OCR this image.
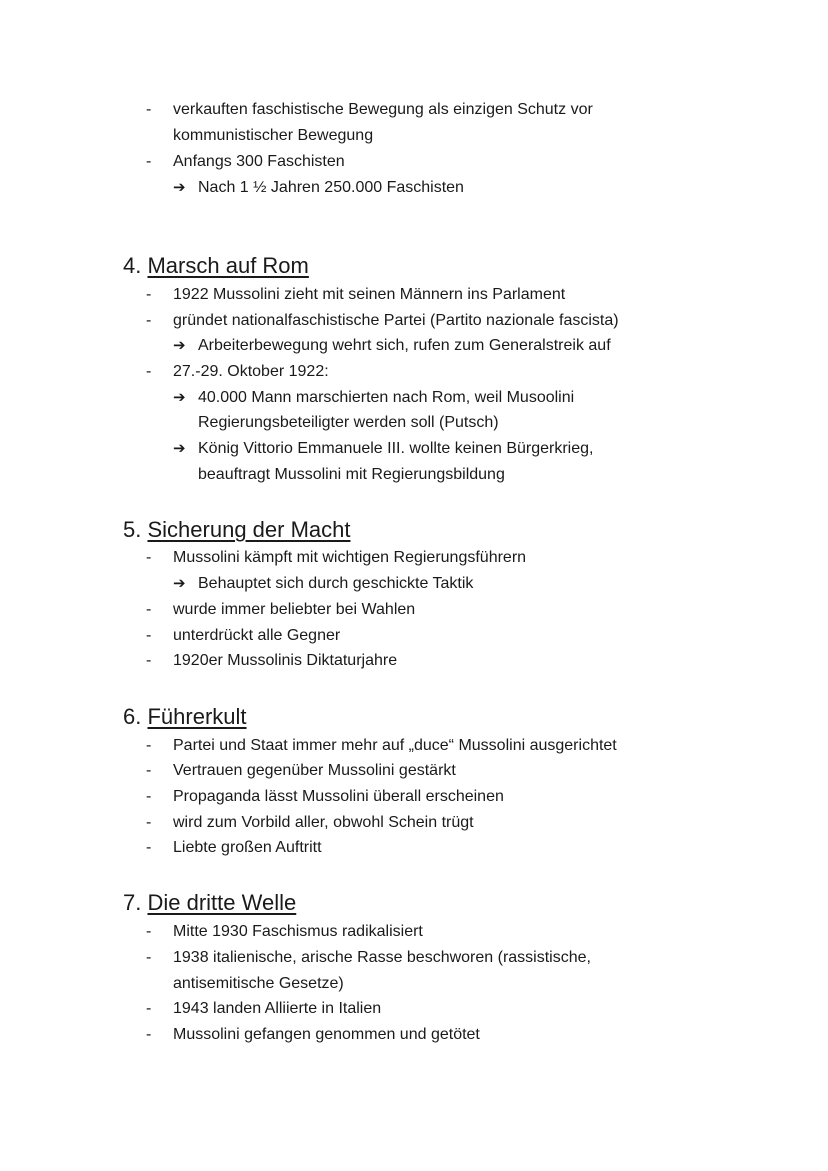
- verkauften faschistische Bewegung als einzigen Schutz vor
kommunistischer Bewegung
- Anfangs 300 Faschisten
➔ Nach 1 ½ Jahren 250.000 Faschisten
4. Marsch auf Rom
- 1922 Mussolini zieht mit seinen Männern ins Parlament
- gründet nationalfaschistische Partei (Partito nazionale fascista)
➔ Arbeiterbewegung wehrt sich, rufen zum Generalstreik auf
- 27.-29. Oktober 1922:
➔ 40.000 Mann marschierten nach Rom, weil Musoolini
Regierungsbeteiligter werden soll (Putsch)
➔ König Vittorio Emmanuele III. wollte keinen Bürgerkrieg,
beauftragt Mussolini mit Regierungsbildung
5. Sicherung der Macht
- Mussolini kämpft mit wichtigen Regierungsführern
➔ Behauptet sich durch geschickte Taktik
- wurde immer beliebter bei Wahlen
- unterdrückt alle Gegner
- 1920er Mussolinis Diktaturjahre
6. Führerkult
- Partei und Staat immer mehr auf „duce“ Mussolini ausgerichtet
- Vertrauen gegenüber Mussolini gestärkt
- Propaganda lässt Mussolini überall erscheinen
- wird zum Vorbild aller, obwohl Schein trügt
- Liebte großen Auftritt
7. Die dritte Welle
- Mitte 1930 Faschismus radikalisiert
- 1938 italienische, arische Rasse beschworen (rassistische,
antisemitische Gesetze)
- 1943 landen Alliierte in Italien
- Mussolini gefangen genommen und getötet
